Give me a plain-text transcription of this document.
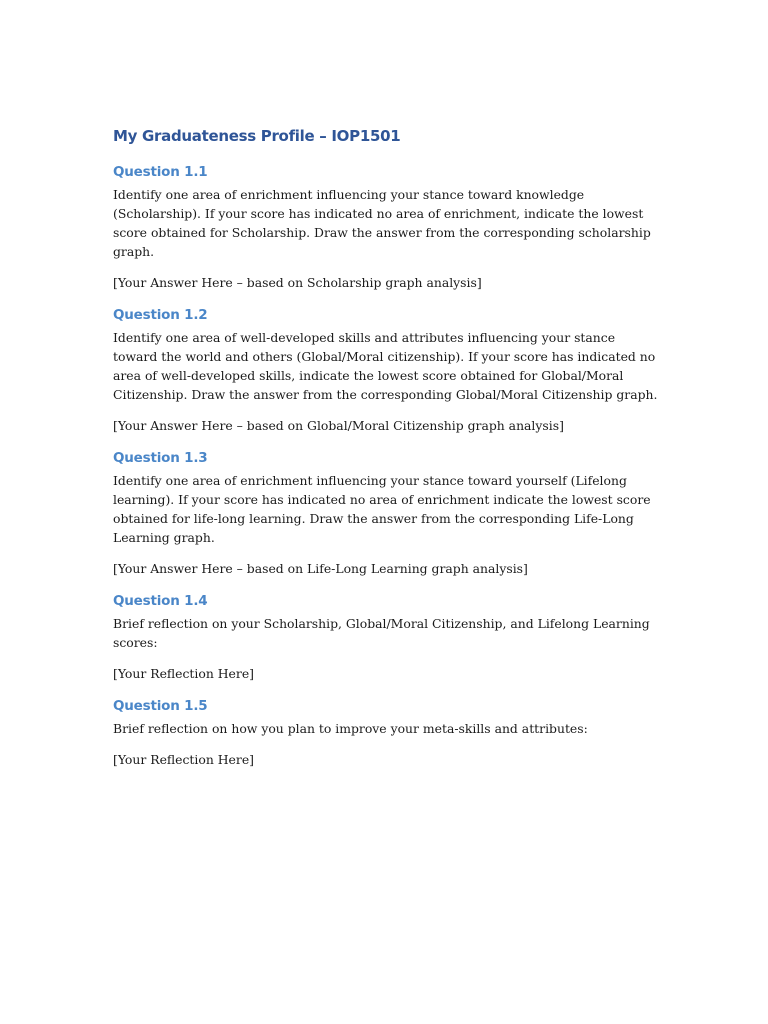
My Graduateness Profile – IOP1501
Question 1.1

Identify one area of enrichment influencing your stance toward knowledge (Scholarship). If your score has indicated no area of enrichment, indicate the lowest score obtained for Scholarship. Draw the answer from the corresponding scholarship graph.

[Your Answer Here – based on Scholarship graph analysis]

Question 1.2

Identify one area of well-developed skills and attributes influencing your stance toward the world and others (Global/Moral citizenship). If your score has indicated no area of well-developed skills, indicate the lowest score obtained for Global/Moral Citizenship. Draw the answer from the corresponding Global/Moral Citizenship graph.

[Your Answer Here – based on Global/Moral Citizenship graph analysis]

Question 1.3

Identify one area of enrichment influencing your stance toward yourself (Lifelong learning). If your score has indicated no area of enrichment indicate the lowest score obtained for life-long learning. Draw the answer from the corresponding Life-Long Learning graph.

[Your Answer Here – based on Life-Long Learning graph analysis]

Question 1.4

Brief reflection on your Scholarship, Global/Moral Citizenship, and Lifelong Learning scores:

[Your Reflection Here]

Question 1.5

Brief reflection on how you plan to improve your meta-skills and attributes:

[Your Reflection Here]
